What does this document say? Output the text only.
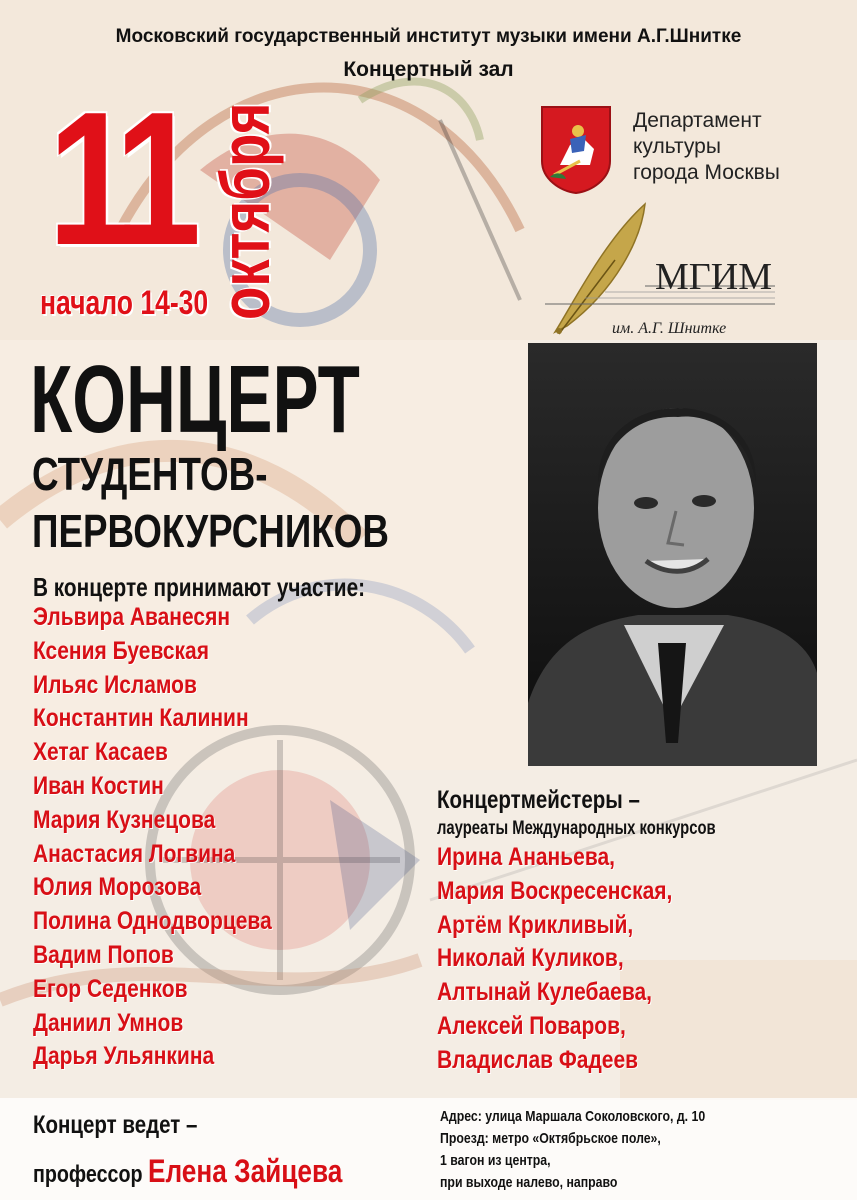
Московский государственный институт музыки имени А.Г.Шнитке
Концертный зал
11 октября
начало 14-30
Департамент
культуры
города Москвы
МГИМ
им. А.Г. Шнитке
КОНЦЕРТ
СТУДЕНТОВ-
ПЕРВОКУРСНИКОВ
В концерте принимают участие:
Эльвира Аванесян
Ксения Буевская
Ильяс Исламов
Константин Калинин
Хетаг Касаев
Иван Костин
Мария Кузнецова
Анастасия Логвина
Юлия Морозова
Полина Однодворцева
Вадим Попов
Егор Седенков
Даниил Умнов
Дарья Ульянкина
Концертмейстеры –
лауреаты Международных конкурсов
Ирина Ананьева,
Мария Воскресенская,
Артём Крикливый,
Николай Куликов,
Алтынай Кулебаева,
Алексей Поваров,
Владислав Фадеев
Концерт ведет –
профессор Елена Зайцева
Адрес: улица Маршала Соколовского, д. 10
Проезд: метро «Октябрьское поле»,
1 вагон из центра,
при выходе налево, направо
